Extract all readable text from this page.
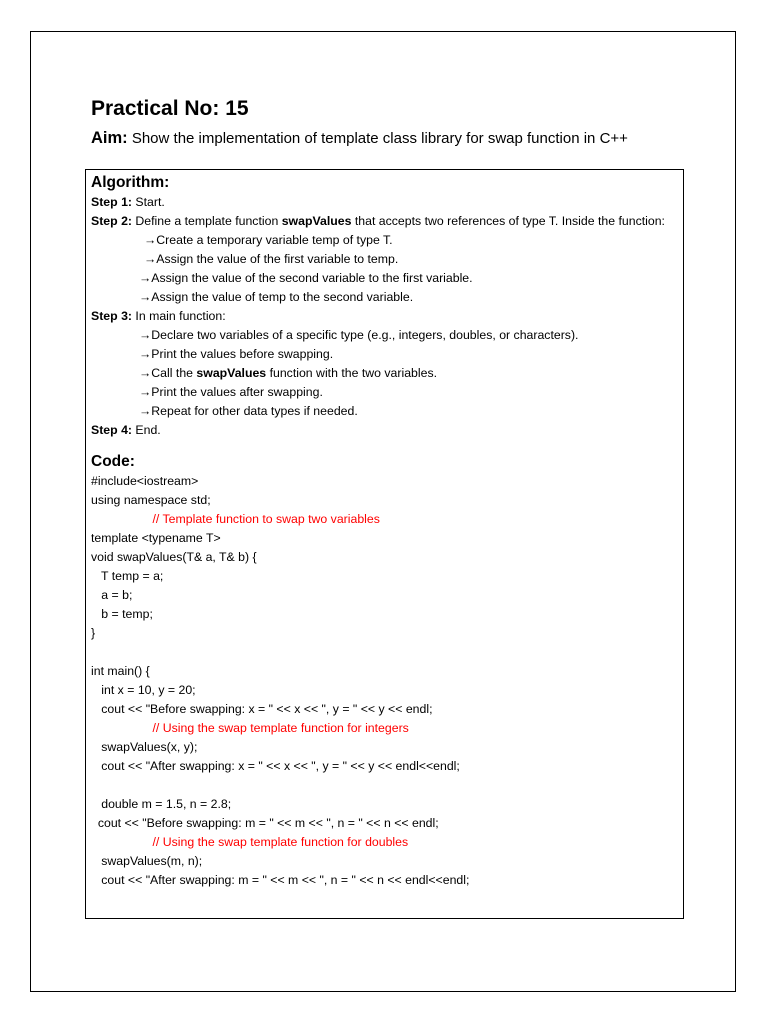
Practical No: 15
Aim: Show the implementation of template class library for swap function in C++
Algorithm:
Step 1: Start.
Step 2: Define a template function swapValues that accepts two references of type T. Inside the function:
→Create a temporary variable temp of type T.
→Assign the value of the first variable to temp.
→Assign the value of the second variable to the first variable.
→Assign the value of temp to the second variable.
Step 3: In main function:
→Declare two variables of a specific type (e.g., integers, doubles, or characters).
→Print the values before swapping.
→Call the swapValues function with the two variables.
→Print the values after swapping.
→Repeat for other data types if needed.
Step 4: End.
Code:
#include<iostream>
using namespace std;
// Template function to swap two variables
template <typename T>
void swapValues(T& a, T& b) {
T temp = a;
a = b;
b = temp;
}
int main() {
int x = 10, y = 20;
cout << "Before swapping: x = " << x << ", y = " << y << endl;
// Using the swap template function for integers
swapValues(x, y);
cout << "After swapping: x = " << x << ", y = " << y << endl<<endl;
double m = 1.5, n = 2.8;
cout << "Before swapping: m = " << m << ", n = " << n << endl;
// Using the swap template function for doubles
swapValues(m, n);
cout << "After swapping: m = " << m << ", n = " << n << endl<<endl;
